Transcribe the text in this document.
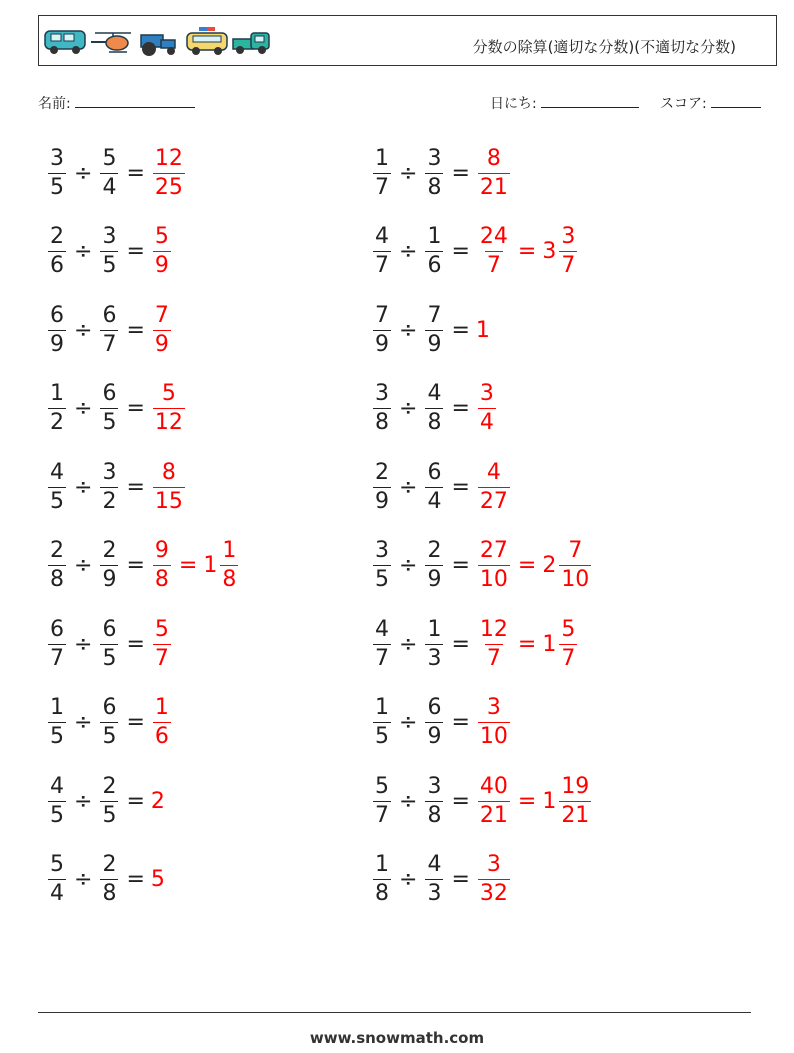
分数の除算(適切な分数)(不適切な分数)
名前:	日にち:	スコア:
$\frac{3}{5} \div \frac{5}{4} = \frac{12}{25}$	$\frac{1}{7} \div \frac{3}{8} = \frac{8}{21}$
$\frac{2}{6} \div \frac{3}{5} = \frac{5}{9}$	$\frac{4}{7} \div \frac{1}{6} = \frac{24}{7} = 3 \frac{3}{7}$
$\frac{6}{9} \div \frac{6}{7} = \frac{7}{9}$	$\frac{7}{9} \div \frac{7}{9} = 1$
$\frac{1}{2} \div \frac{6}{5} = \frac{5}{12}$	$\frac{3}{8} \div \frac{4}{8} = \frac{3}{4}$
$\frac{4}{5} \div \frac{3}{2} = \frac{8}{15}$	$\frac{2}{9} \div \frac{6}{4} = \frac{4}{27}$
$\frac{2}{8} \div \frac{2}{9} = \frac{9}{8} = 1 \frac{1}{8}$	$\frac{3}{5} \div \frac{2}{9} = \frac{27}{10} = 2 \frac{7}{10}$
$\frac{6}{7} \div \frac{6}{5} = \frac{5}{7}$	$\frac{4}{7} \div \frac{1}{3} = \frac{12}{7} = 1 \frac{5}{7}$
$\frac{1}{5} \div \frac{6}{5} = \frac{1}{6}$	$\frac{1}{5} \div \frac{6}{9} = \frac{3}{10}$
$\frac{4}{5} \div \frac{2}{5} = 2$	$\frac{5}{7} \div \frac{3}{8} = \frac{40}{21} = 1 \frac{19}{21}$
$\frac{5}{4} \div \frac{2}{8} = 5$	$\frac{1}{8} \div \frac{4}{3} = \frac{3}{32}$
www.snowmath.com
